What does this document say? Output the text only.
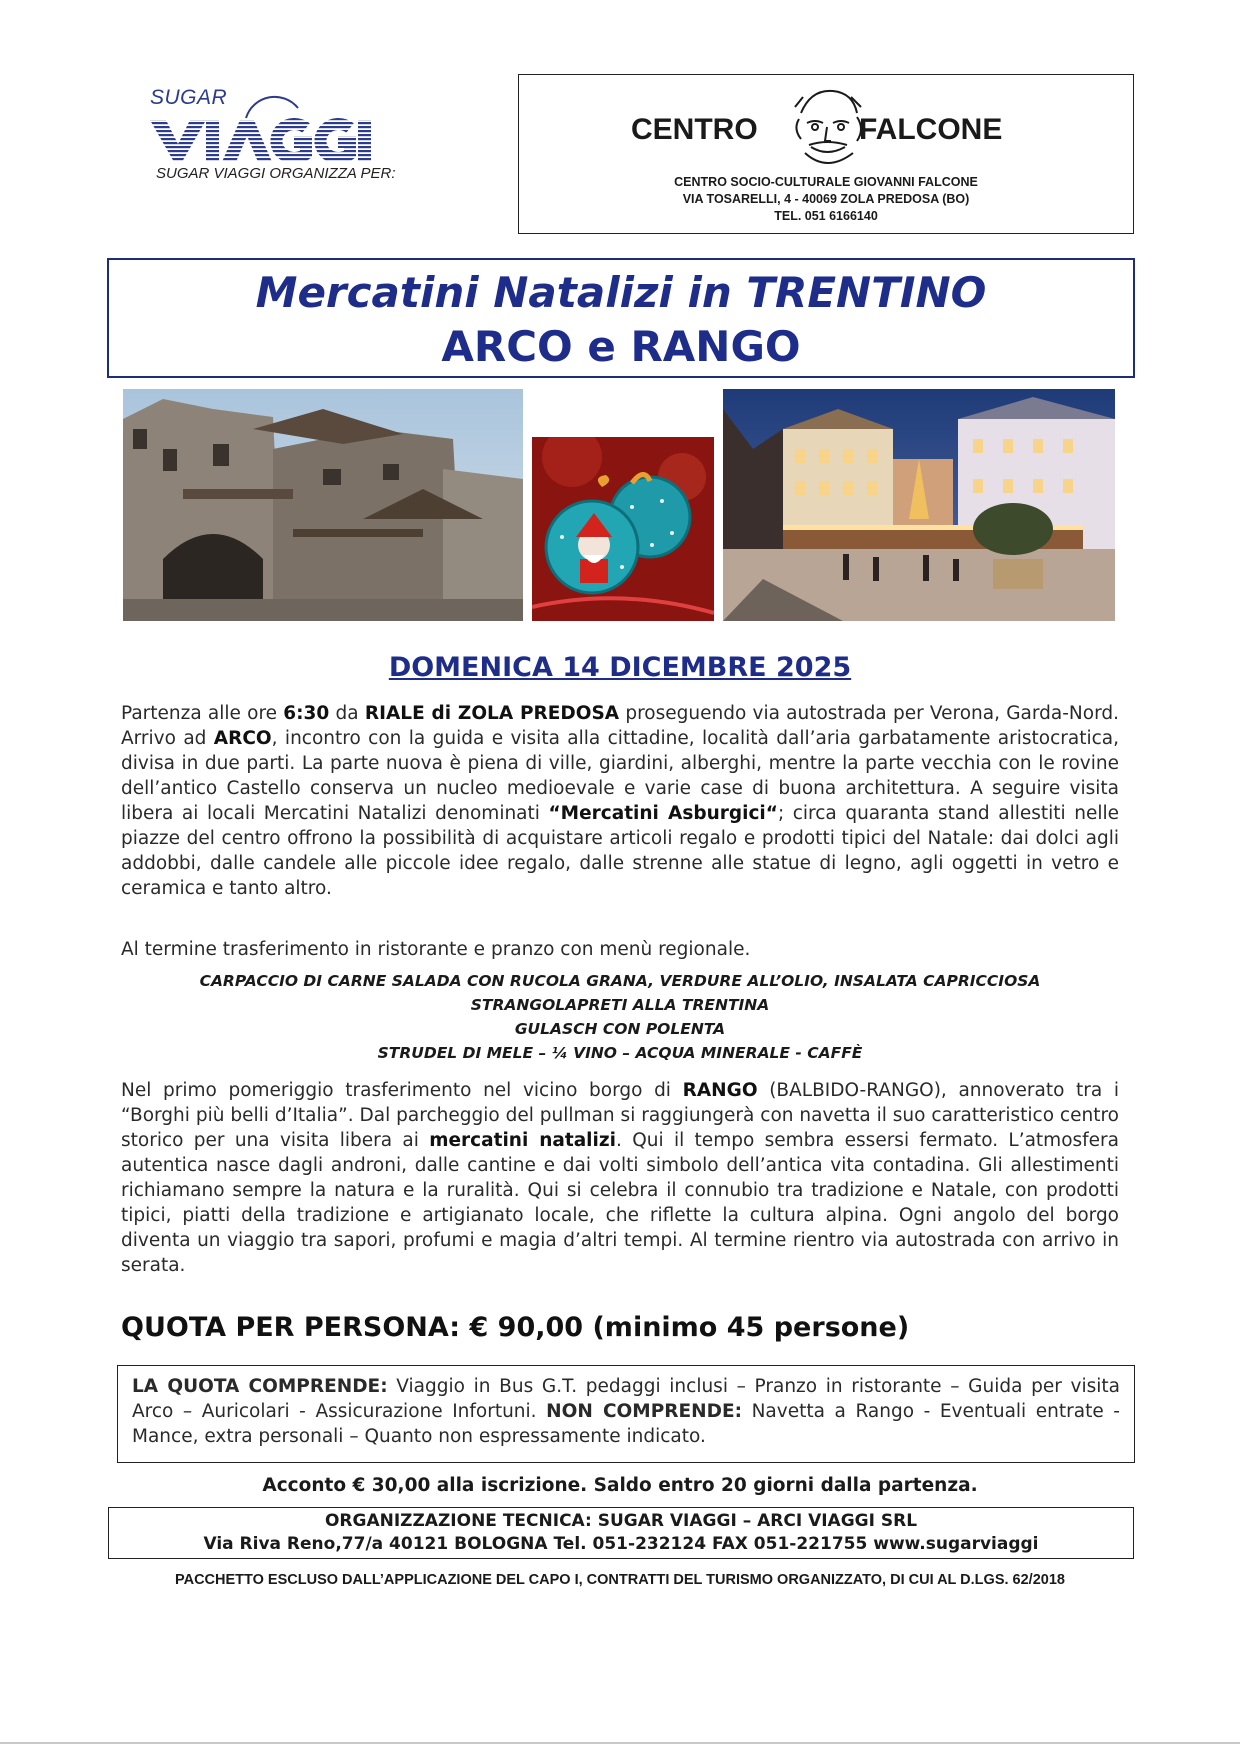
SUGAR
SUGAR VIAGGI ORGANIZZA PER:
CENTRO	FALCONE
CENTRO SOCIO-CULTURALE GIOVANNI FALCONE
VIA TOSARELLI, 4 - 40069 ZOLA PREDOSA (BO)
TEL. 051 6166140
Mercatini Natalizi in TRENTINO
ARCO e RANGO
DOMENICA 14 DICEMBRE 2025
Partenza alle ore 6:30 da RIALE di ZOLA PREDOSA proseguendo via autostrada per Verona, Garda-Nord. Arrivo ad ARCO, incontro con la guida e visita alla cittadine, località dall’aria garbatamente aristocratica, divisa in due parti. La parte nuova è piena di ville, giardini, alberghi, mentre la parte vecchia con le rovine dell’antico Castello conserva un nucleo medioevale e varie case di buona architettura. A seguire visita libera ai locali Mercatini Natalizi denominati “Mercatini Asburgici“; circa quaranta stand allestiti nelle piazze del centro offrono la possibilità di acquistare articoli regalo e prodotti tipici del Natale: dai dolci agli addobbi, dalle candele alle piccole idee regalo, dalle strenne alle statue di legno, agli oggetti in vetro e ceramica e tanto altro.
Al termine trasferimento in ristorante e pranzo con menù regionale.
CARPACCIO DI CARNE SALADA CON RUCOLA GRANA, VERDURE ALL’OLIO, INSALATA CAPRICCIOSA
STRANGOLAPRETI ALLA TRENTINA
GULASCH CON POLENTA
STRUDEL DI MELE – ¼ VINO – ACQUA MINERALE - CAFFÈ
Nel primo pomeriggio trasferimento nel vicino borgo di RANGO (BALBIDO-RANGO), annoverato tra i “Borghi più belli d’Italia”. Dal parcheggio del pullman si raggiungerà con navetta il suo caratteristico centro storico per una visita libera ai mercatini natalizi. Qui il tempo sembra essersi fermato. L’atmosfera autentica nasce dagli androni, dalle cantine e dai volti simbolo dell’antica vita contadina. Gli allestimenti richiamano sempre la natura e la ruralità. Qui si celebra il connubio tra tradizione e Natale, con prodotti tipici, piatti della tradizione e artigianato locale, che riflette la cultura alpina. Ogni angolo del borgo diventa un viaggio tra sapori, profumi e magia d’altri tempi. Al termine rientro via autostrada con arrivo in serata.
QUOTA PER PERSONA: € 90,00 (minimo 45 persone)
LA QUOTA COMPRENDE: Viaggio in Bus G.T. pedaggi inclusi – Pranzo in ristorante – Guida per visita Arco – Auricolari - Assicurazione Infortuni. NON COMPRENDE: Navetta a Rango - Eventuali entrate - Mance, extra personali – Quanto non espressamente indicato.
Acconto € 30,00 alla iscrizione. Saldo entro 20 giorni dalla partenza.
ORGANIZZAZIONE TECNICA: SUGAR VIAGGI – ARCI VIAGGI SRL
Via Riva Reno,77/a 40121 BOLOGNA Tel. 051-232124 FAX 051-221755 www.sugarviaggi
PACCHETTO ESCLUSO DALL’APPLICAZIONE DEL CAPO I, CONTRATTI DEL TURISMO ORGANIZZATO, DI CUI AL D.LGS. 62/2018
